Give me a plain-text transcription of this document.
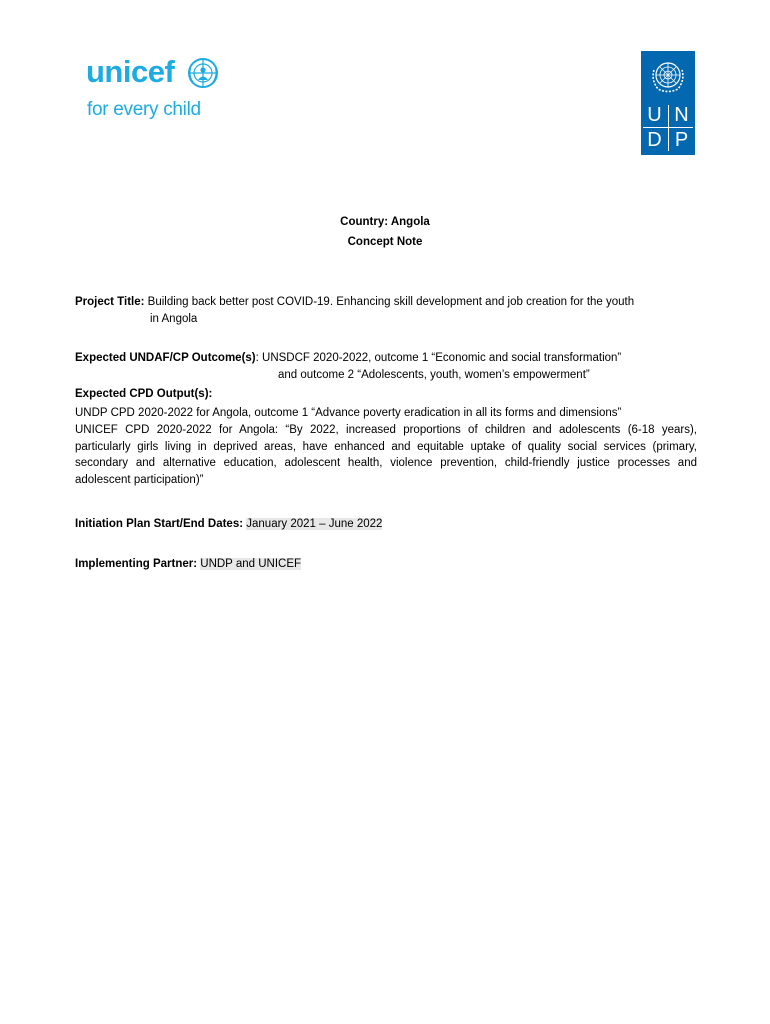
unicef
for every child	U N
D P
Country: Angola
Concept Note
Project Title: Building back better post COVID-19. Enhancing skill development and job creation for the youth
in Angola
Expected UNDAF/CP Outcome(s): UNSDCF 2020-2022, outcome 1 “Economic and social transformation”
and outcome 2 “Adolescents, youth, women’s empowerment”
Expected CPD Output(s):
UNDP CPD 2020-2022 for Angola, outcome 1 “Advance poverty eradication in all its forms and dimensions”
UNICEF CPD 2020-2022 for Angola: “By 2022, increased proportions of children and adolescents (6-18 years), particularly girls living in deprived areas, have enhanced and equitable uptake of quality social services (primary, secondary and alternative education, adolescent health, violence prevention, child-friendly justice processes and adolescent participation)”
Initiation Plan Start/End Dates: January 2021 – June 2022
Implementing Partner: UNDP and UNICEF
